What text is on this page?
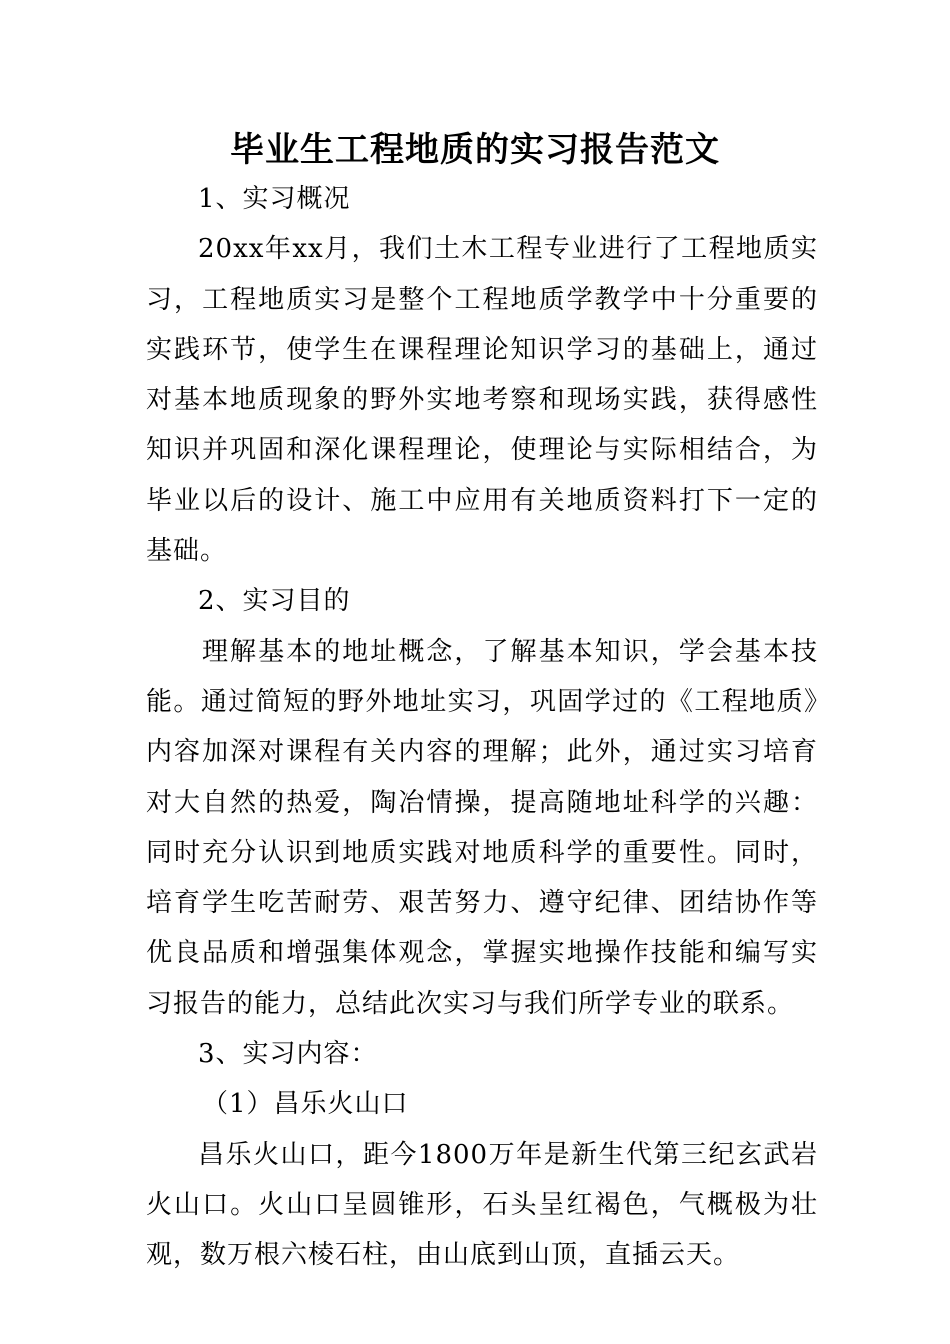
毕业生工程地质的实习报告范文

1、实习概况

20xx年xx月，我们土木工程专业进行了工程地质实习，工程地质实习是整个工程地质学教学中十分重要的实践环节，使学生在课程理论知识学习的基础上，通过对基本地质现象的野外实地考察和现场实践，获得感性知识并巩固和深化课程理论，使理论与实际相结合，为毕业以后的设计、施工中应用有关地质资料打下一定的基础。

2、实习目的

理解基本的地址概念，了解基本知识，学会基本技能。通过简短的野外地址实习，巩固学过的《工程地质》内容加深对课程有关内容的理解；此外，通过实习培育对大自然的热爱，陶冶情操，提高随地址科学的兴趣：同时充分认识到地质实践对地质科学的重要性。同时，培育学生吃苦耐劳、艰苦努力、遵守纪律、团结协作等优良品质和增强集体观念，掌握实地操作技能和编写实习报告的能力，总结此次实习与我们所学专业的联系。

3、实习内容：

（1）昌乐火山口

昌乐火山口，距今1800万年是新生代第三纪玄武岩火山口。火山口呈圆锥形，石头呈红褐色，气概极为壮观，数万根六棱石柱，由山底到山顶，直插云天。
